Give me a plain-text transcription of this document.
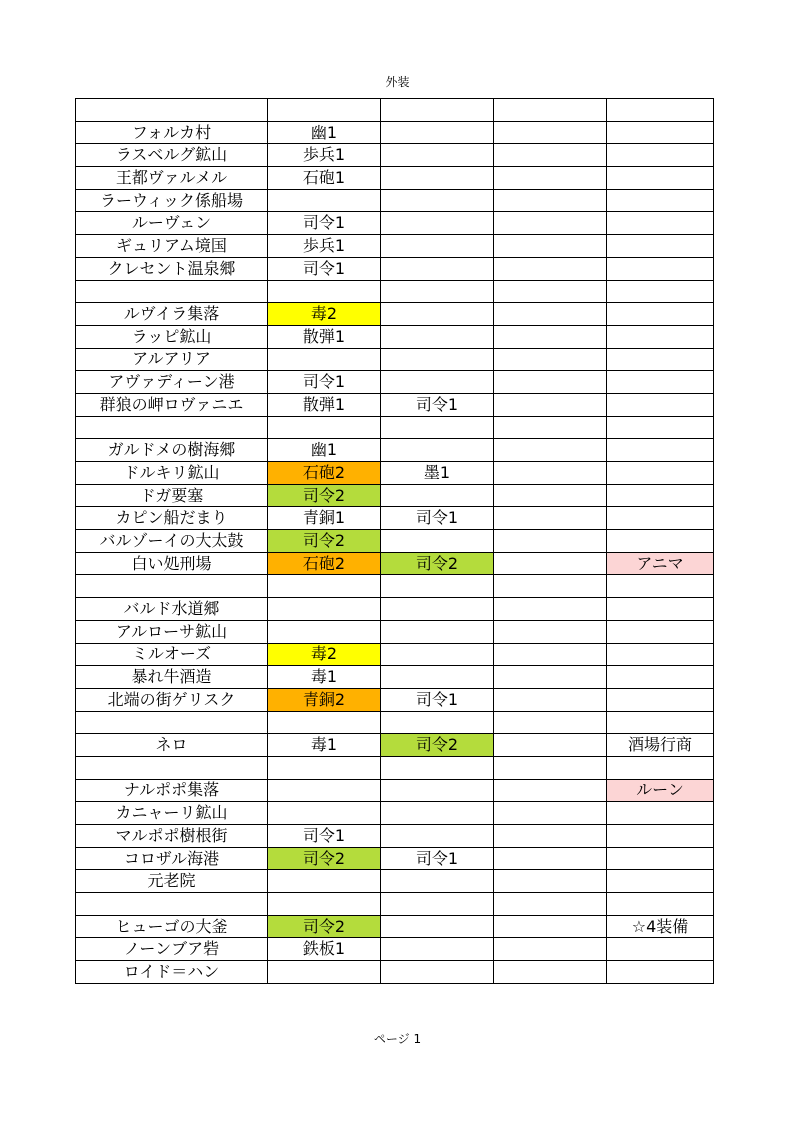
外装

フォルカ村	幽1			
ラスベルグ鉱山	歩兵1			
王都ヴァルメル	石砲1			
ラーウィック係船場				
ルーヴェン	司令1			
ギュリアム境国	歩兵1			
クレセント温泉郷	司令1			

ルヴイラ集落	毒2			
ラッピ鉱山	散弾1			
アルアリア				
アヴァディーン港	司令1			
群狼の岬ロヴァニエ	散弾1	司令1		

ガルドメの樹海郷	幽1			
ドルキリ鉱山	石砲2	墨1		
ドガ要塞	司令2			
カピン船だまり	青銅1	司令1		
バルゾーイの大太鼓	司令2			
白い処刑場	石砲2	司令2		アニマ

バルド水道郷				
アルローサ鉱山				
ミルオーズ	毒2			
暴れ牛酒造	毒1			
北端の街ゲリスク	青銅2	司令1		

ネロ	毒1	司令2		酒場行商

ナルポポ集落				ルーン
カニャーリ鉱山				
マルポポ樹根街	司令1			
コロザル海港	司令2	司令1		
元老院				

ヒューゴの大釜	司令2			☆4装備
ノーンブア砦	鉄板1			
ロイド＝ハン				
ページ 1
